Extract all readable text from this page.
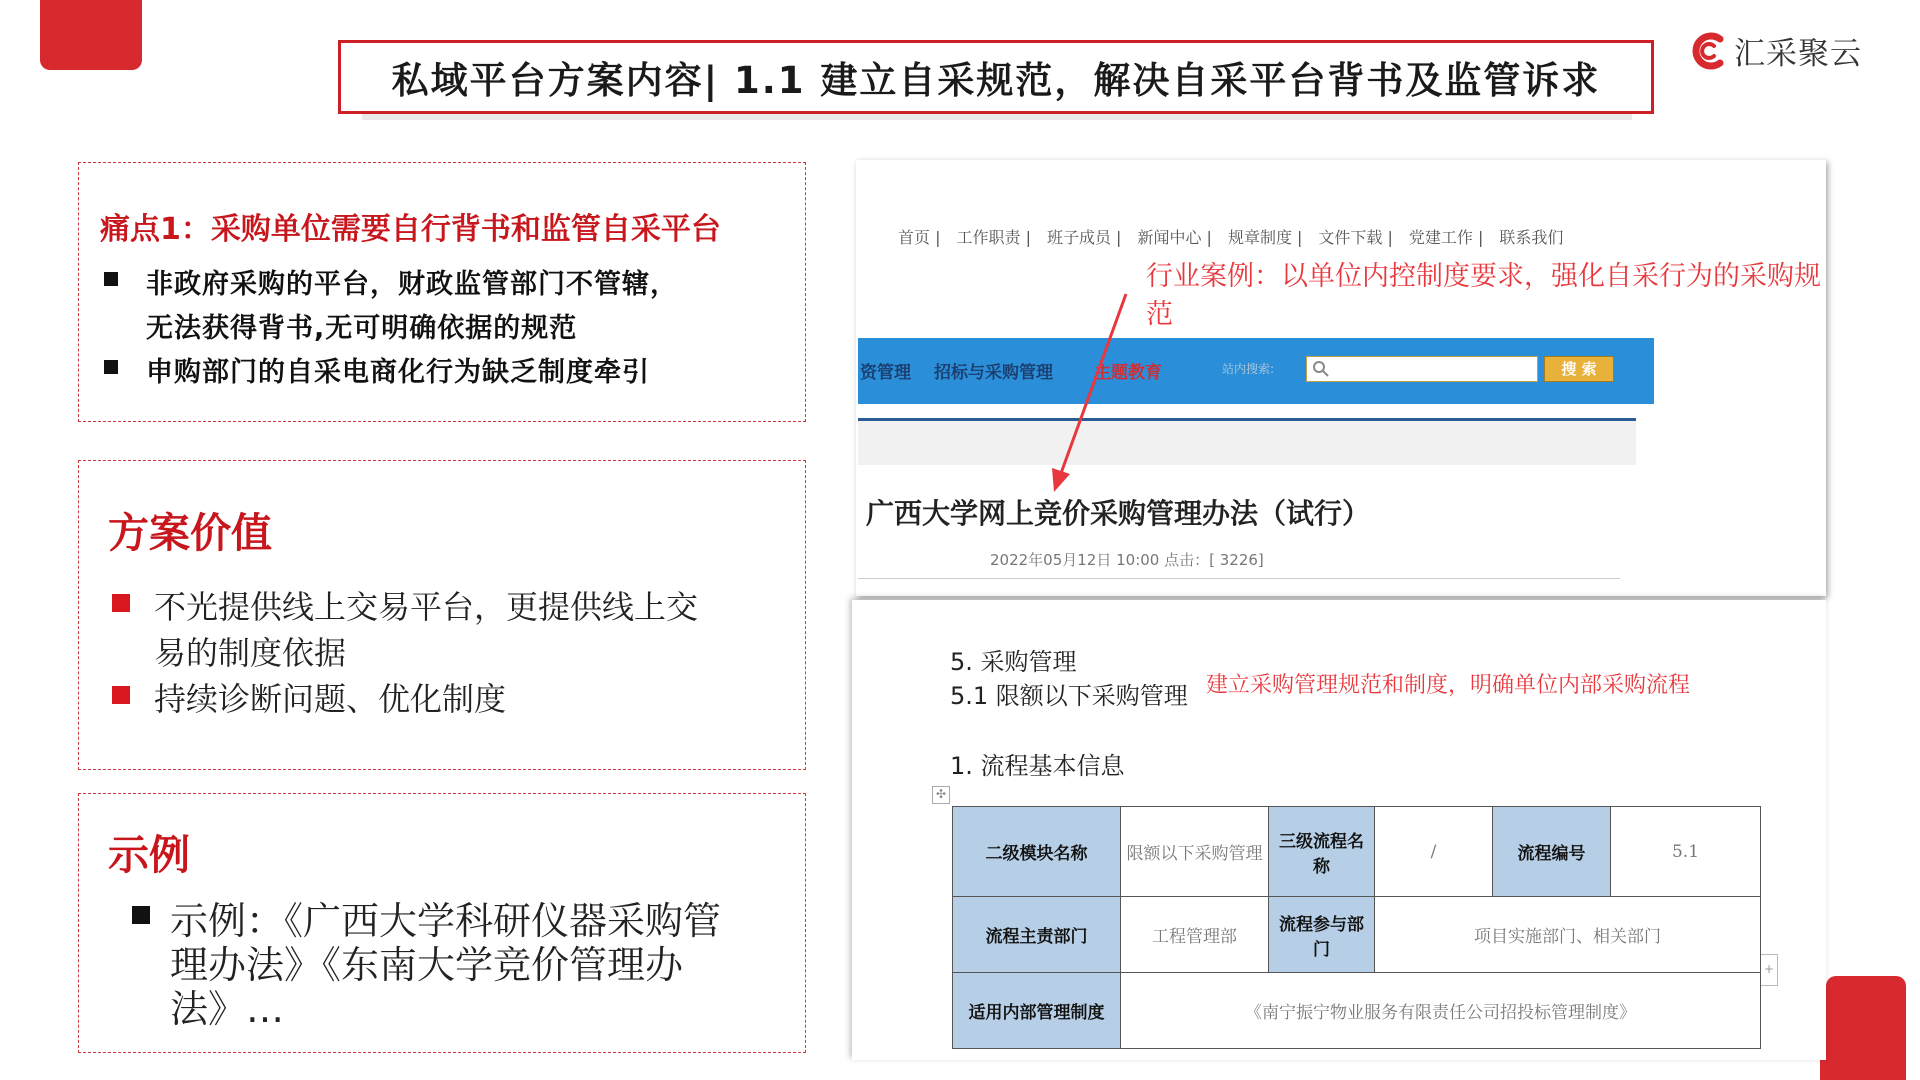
私域平台方案内容| 1.1 建立自采规范，解决自采平台背书及监管诉求
汇采聚云
痛点1：采购单位需要自行背书和监管自采平台
非政府采购的平台，财政监管部门不管辖，
无法获得背书,无可明确依据的规范
申购部门的自采电商化行为缺乏制度牵引
方案价值
不光提供线上交易平台，更提供线上交
易的制度依据
持续诊断问题、优化制度
示例
示例：《广西大学科研仪器采购管
理办法》《东南大学竞价管理办
法》…
首页 | 工作职责 | 班子成员 | 新闻中心 | 规章制度 | 文件下载 | 党建工作 | 联系我们
资管理 招标与采购管理 主题教育	站内搜索:	搜 索
广西大学网上竞价采购管理办法（试行）
2022年05月12日 10:00 点击：[ 3226]
行业案例：以单位内控制度要求，强化自采行为的采购规范
5. 采购管理
5.1 限额以下采购管理
1. 流程基本信息
建立采购管理规范和制度，明确单位内部采购流程
✣
+
二级模块名称	限额以下采购管理	三级流程名称	/	流程编号	5.1
流程主责部门	工程管理部	流程参与部门	项目实施部门、相关部门		
适用内部管理制度	《南宁振宁物业服务有限责任公司招投标管理制度》				
